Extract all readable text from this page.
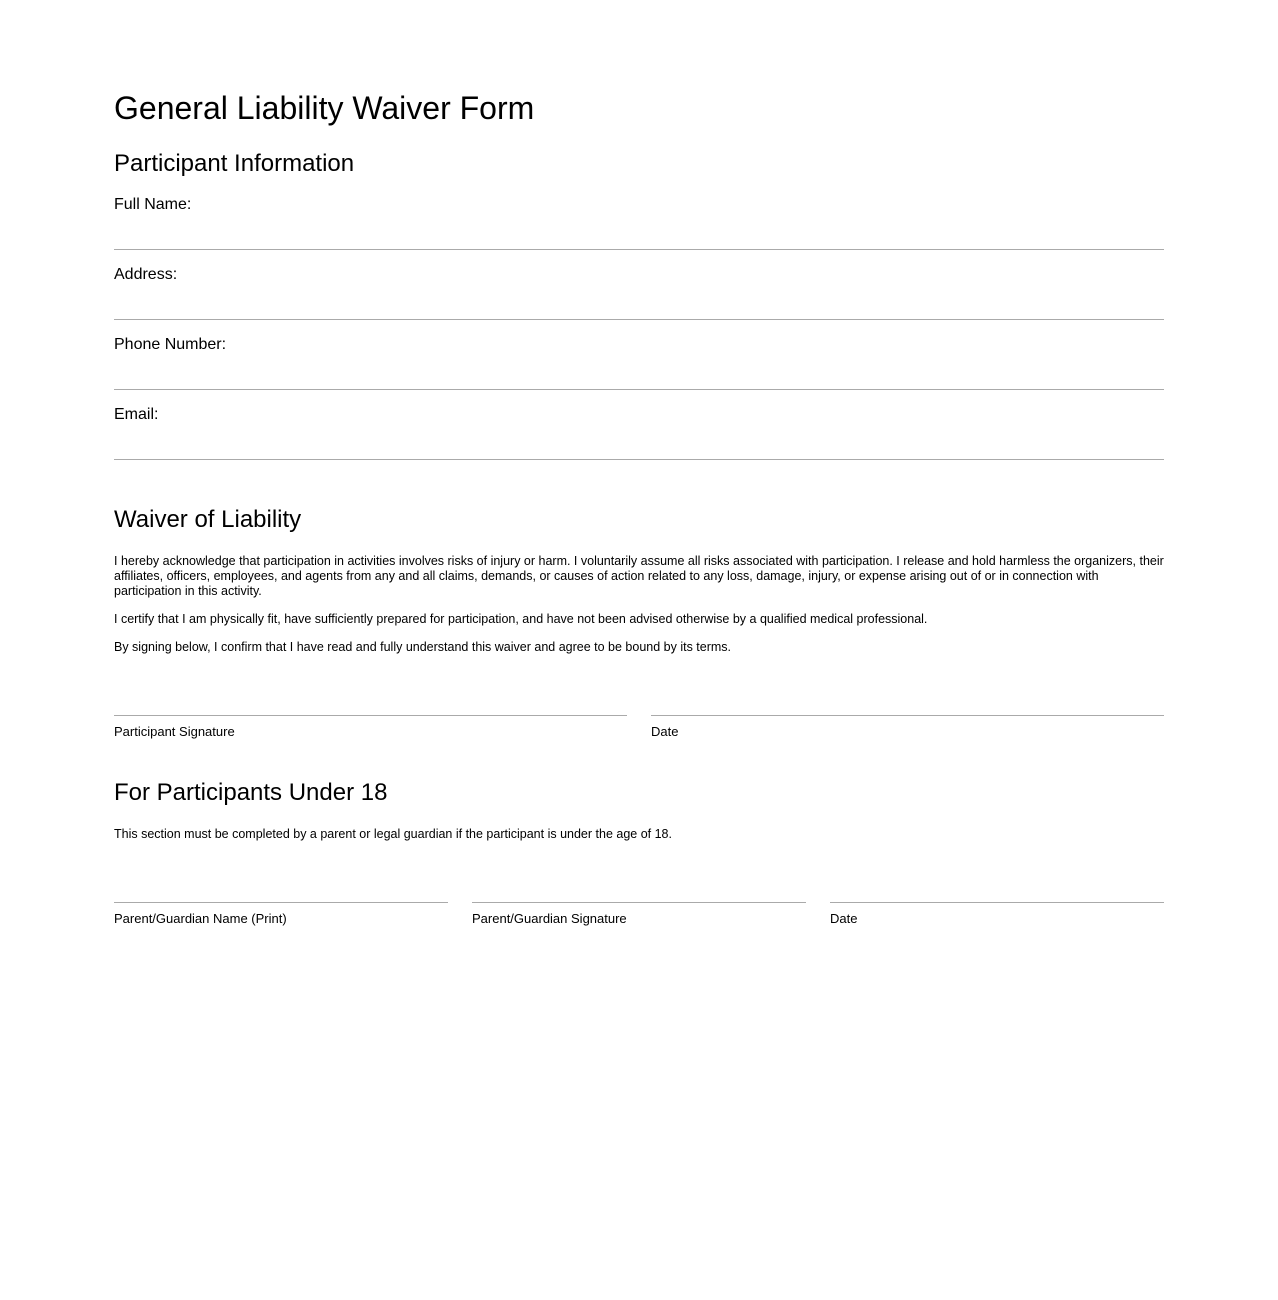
General Liability Waiver Form
Participant Information
Full Name:
Address:
Phone Number:
Email:
Waiver of Liability

I hereby acknowledge that participation in activities involves risks of injury or harm. I voluntarily assume all risks associated with participation. I release and hold harmless the organizers, their affiliates, officers, employees, and agents from any and all claims, demands, or causes of action related to any loss, damage, injury, or expense arising out of or in connection with participation in this activity.

I certify that I am physically fit, have sufficiently prepared for participation, and have not been advised otherwise by a qualified medical professional.

By signing below, I confirm that I have read and fully understand this waiver and agree to be bound by its terms.

Participant Signature	Date
For Participants Under 18

This section must be completed by a parent or legal guardian if the participant is under the age of 18.

Parent/Guardian Name (Print)	Parent/Guardian Signature	Date
